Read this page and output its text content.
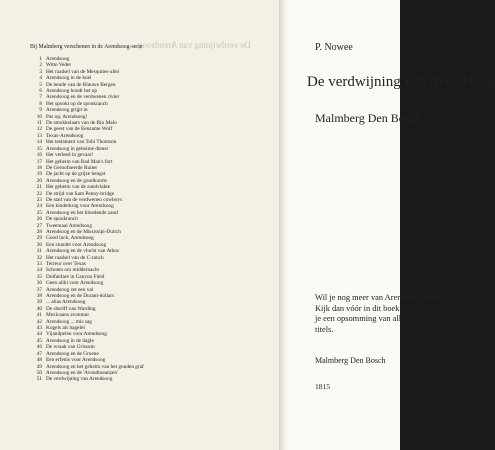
De verdwijning van Arendsoog
Bij Malmberg verschenen in de Arendsoog-serie
1 Arendsoog
2 Witte Veder
3 Het raadsel van de Mesquites-allei
4 Arendsoog in de knel
5 De bende van de Blauwe Bergen
6 Arendsoog houdt het op
7 Arendsoog en de verdwenen rivier
8 Het spookt op de spookranch
9 Arendsoog grijpt in
10 Pas op, Arendsoog!
11 De smokkelaars van de Rio Malo
12 De geest van de Eenzame Wolf
13 Texas-Arendsoog
14 Het testament van Tobi Thomson
15 Arendsoog in geheime dienst
16 Het verleed in gevaar!
17 Het geheim van Bad Man's fort
18 De Geroofneerde Ruiter
19 De jacht op de grijze hengst
20 Arendsoog en de goudkoorts
21 Het geheim van de zandvlakte
22 De strijd van Sam Penny-bridge
23 De stad van de verdwenen cowboys
24 Een kinderkrag voor Arendsoog
25 Arendsoog en het bloedende zand
26 De spookranch
27 Tweemaal Arendsoog
28 Arendsoog en de Mississipi-Duitch
29 Good luck, Arendsoog
30 Een stundet voor Arendsoog
31 Arendsoog en de vlucht van Athos
32 Het raadsel van de C-ranch
33 Terreur over Texas
34 Schoten om middernacht
35 Dolfanfare in Canyon Field
36 Geen alibi voor Arendsoog
37 Arendsoog zet een val
38 Arendsoog en de Durant-dollars
39 ... alias Arendsoog
40 De sheriff van Warding
41 Mexicaans avontuur
42 Arendsoog ... mis sag
43 Kogels als hagelel
44 Vijandpelen voor Arendsoog
45 Arendsoog in de dagle
46 De wraak van Grissom
47 Arendsoog en de Groene
48 Een erfenis voor Arendsoog
49 Arendsoog en het geheim van het gouden graf
50 Arendsoog en de 'Avondtoeanzen'
51 De verdwijning van Arendsoog
P. Nowee
De verdwijning van Arendsoog
Malmberg Den Bosch
Wil je nog meer van Arendsoog lezen?
Kijk dan vóór in dit boek,
je een opsomming van alle
titels.
Malmberg Den Bosch
1815
